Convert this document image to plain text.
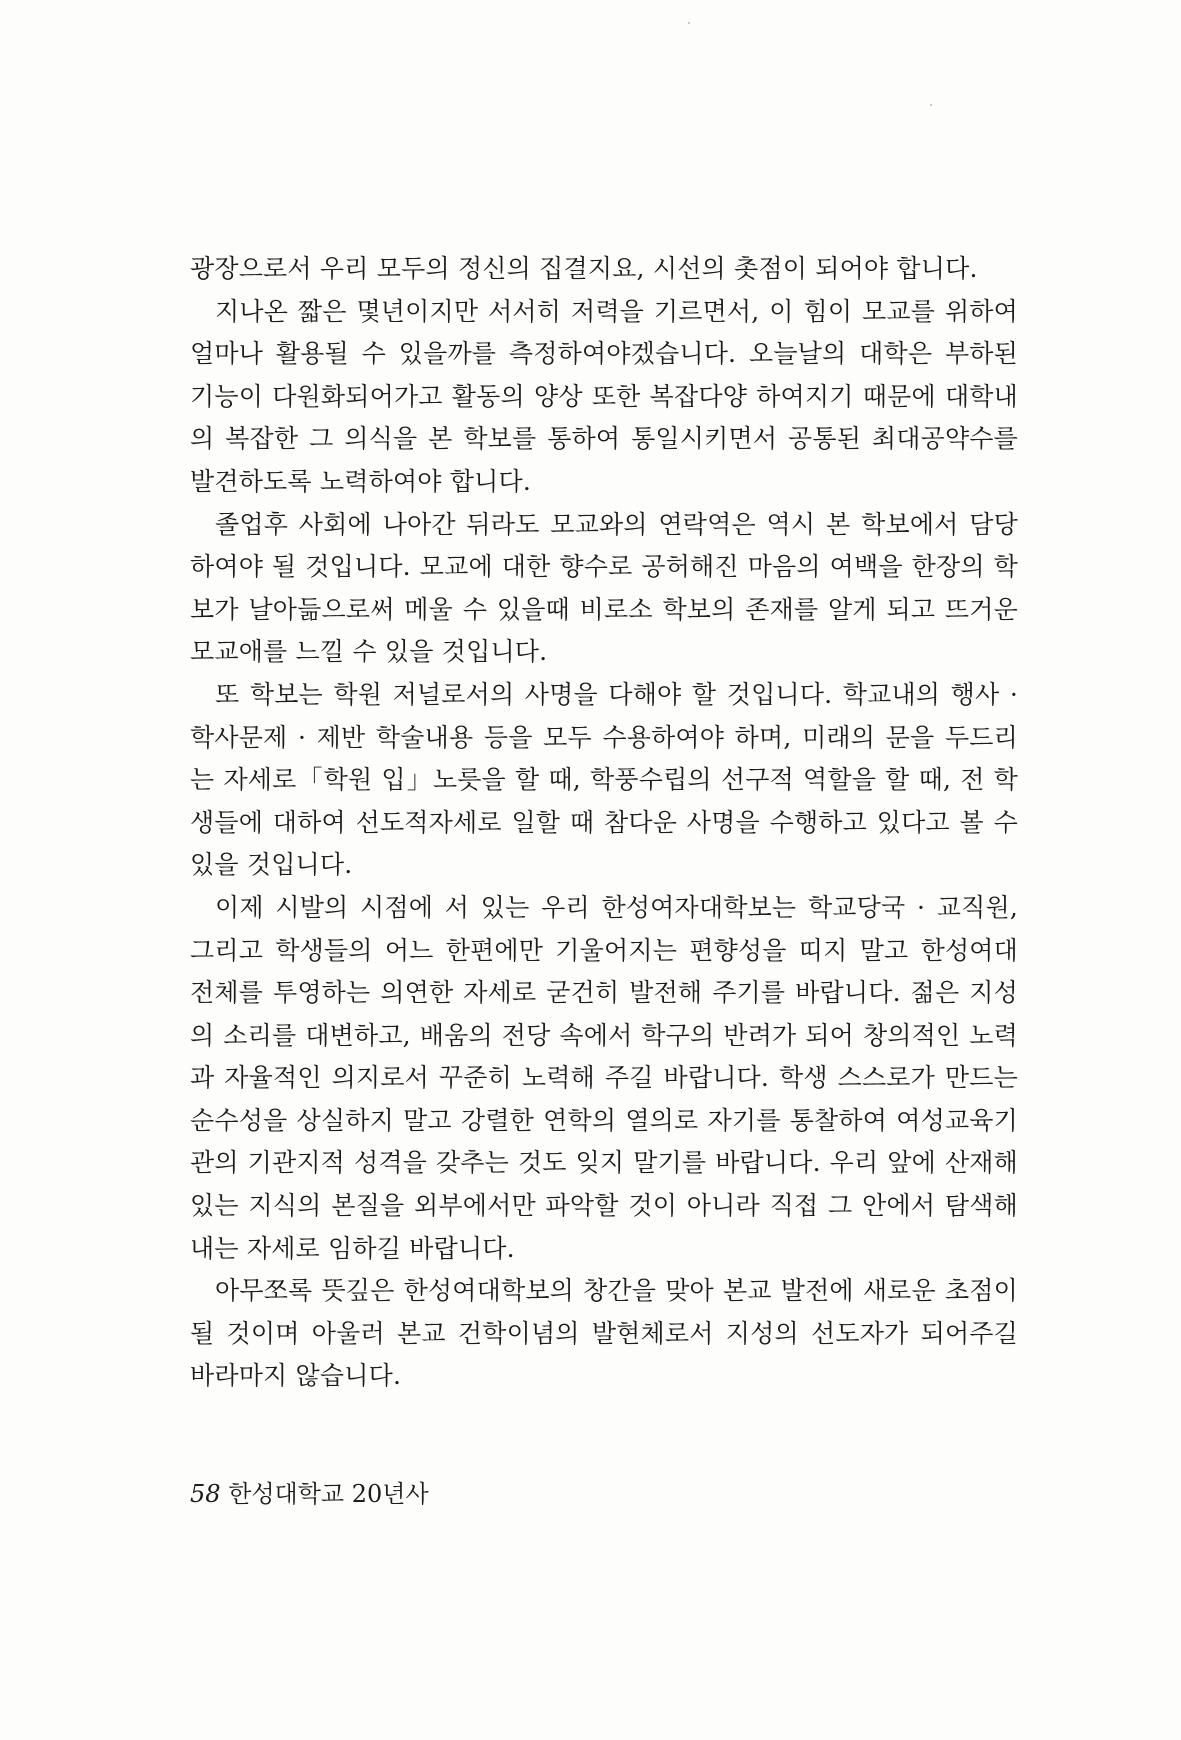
광장으로서 우리 모두의 정신의 집결지요, 시선의 촛점이 되어야 합니다.

지나온 짧은 몇년이지만 서서히 저력을 기르면서, 이 힘이 모교를 위하여 얼마나 활용될 수 있을까를 측정하여야겠습니다. 오늘날의 대학은 부하된 기능이 다원화되어가고 활동의 양상 또한 복잡다양 하여지기 때문에 대학내의 복잡한 그 의식을 본 학보를 통하여 통일시키면서 공통된 최대공약수를 발견하도록 노력하여야 합니다.

졸업후 사회에 나아간 뒤라도 모교와의 연락역은 역시 본 학보에서 담당하여야 될 것입니다. 모교에 대한 향수로 공허해진 마음의 여백을 한장의 학보가 날아듦으로써 메울 수 있을때 비로소 학보의 존재를 알게 되고 뜨거운 모교애를 느낄 수 있을 것입니다.

또 학보는 학원 저널로서의 사명을 다해야 할 것입니다. 학교내의 행사 · 학사문제 · 제반 학술내용 등을 모두 수용하여야 하며, 미래의 문을 두드리는 자세로「학원 입」노릇을 할 때, 학풍수립의 선구적 역할을 할 때, 전 학생들에 대하여 선도적자세로 일할 때 참다운 사명을 수행하고 있다고 볼 수 있을 것입니다.

이제 시발의 시점에 서 있는 우리 한성여자대학보는 학교당국 · 교직원, 그리고 학생들의 어느 한편에만 기울어지는 편향성을 띠지 말고 한성여대 전체를 투영하는 의연한 자세로 굳건히 발전해 주기를 바랍니다. 젊은 지성의 소리를 대변하고, 배움의 전당 속에서 학구의 반려가 되어 창의적인 노력과 자율적인 의지로서 꾸준히 노력해 주길 바랍니다. 학생 스스로가 만드는 순수성을 상실하지 말고 강렬한 연학의 열의로 자기를 통찰하여 여성교육기관의 기관지적 성격을 갖추는 것도 잊지 말기를 바랍니다. 우리 앞에 산재해 있는 지식의 본질을 외부에서만 파악할 것이 아니라 직접 그 안에서 탐색해 내는 자세로 임하길 바랍니다.

아무쪼록 뜻깊은 한성여대학보의 창간을 맞아 본교 발전에 새로운 초점이 될 것이며 아울러 본교 건학이념의 발현체로서 지성의 선도자가 되어주길 바라마지 않습니다.

58 한성대학교 20년사
